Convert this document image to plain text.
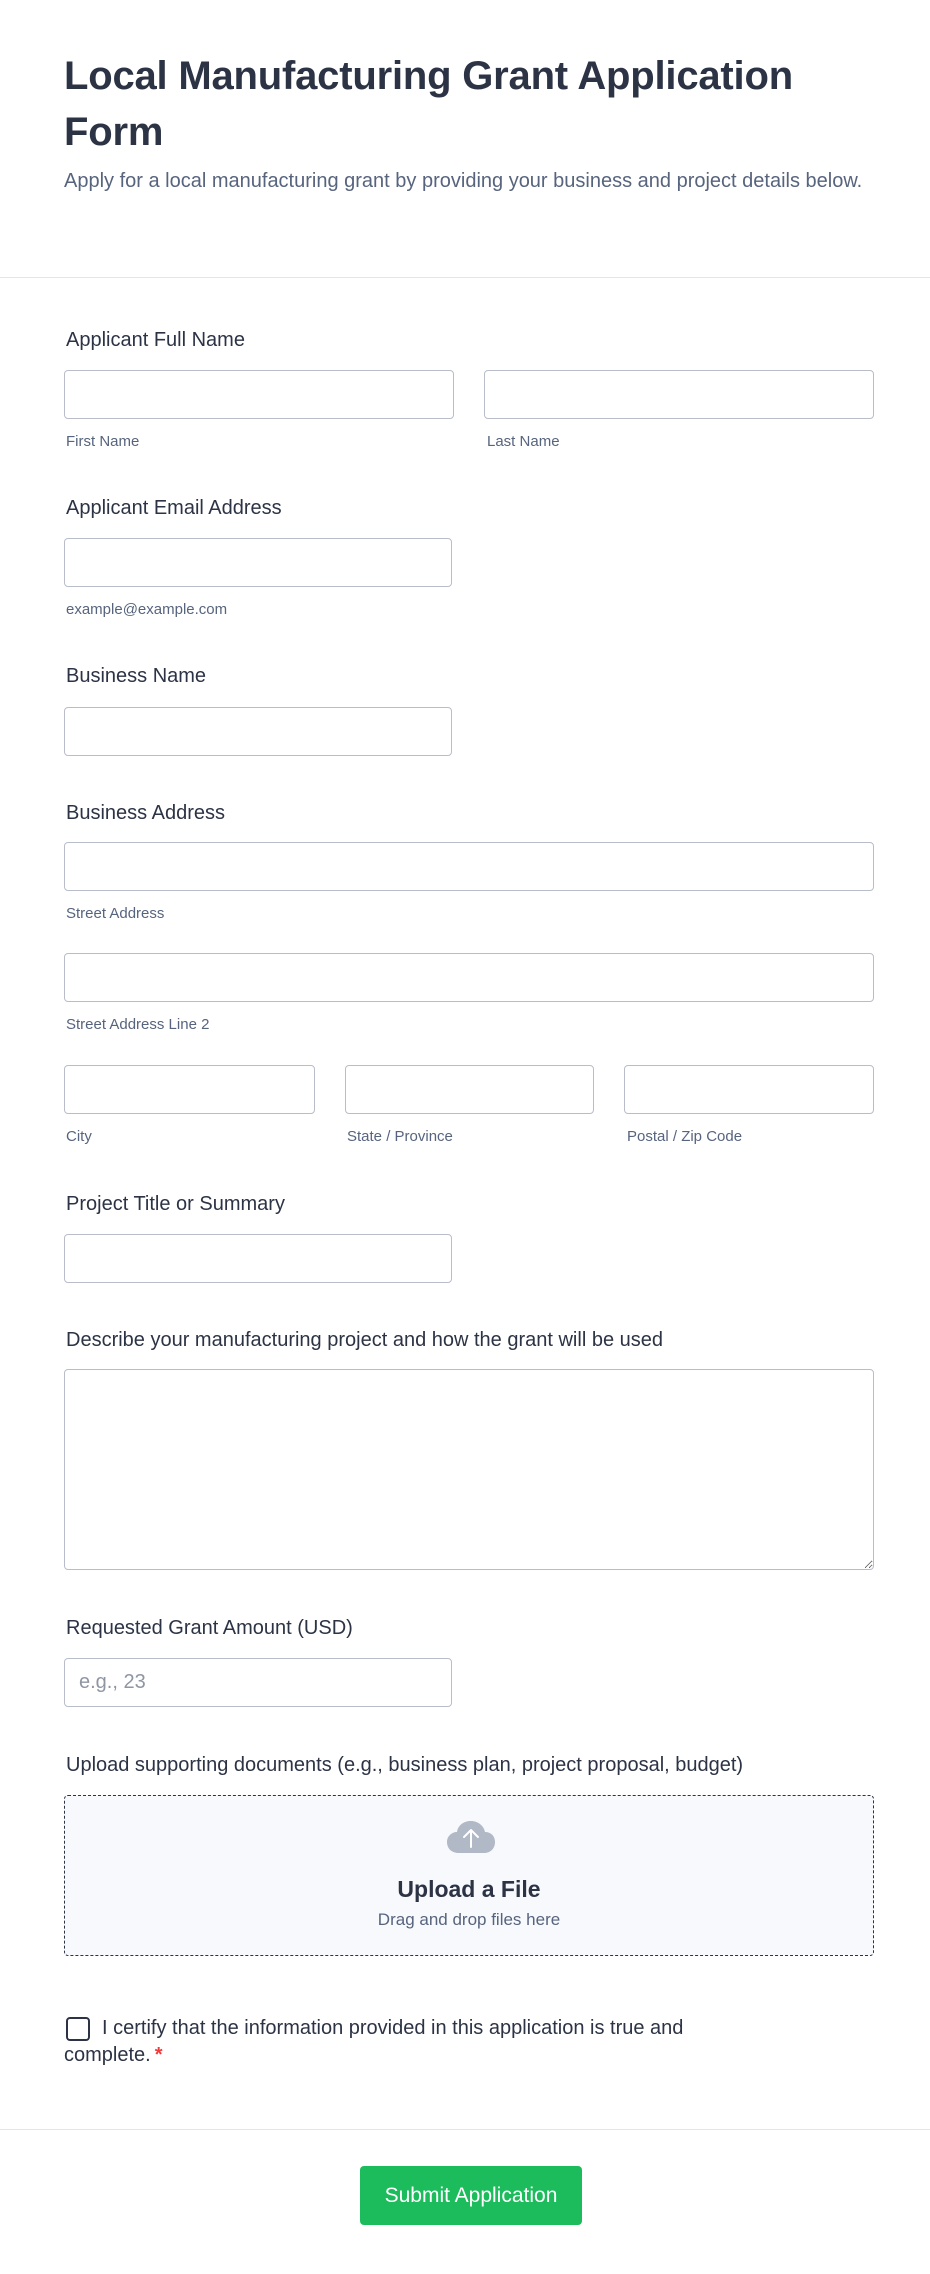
Local Manufacturing Grant Application Form

Apply for a local manufacturing grant by providing your business and project details below.

Applicant Full Name
First Name	Last Name
Applicant Email Address
example@example.com
Business Name
Business Address
Street Address
Street Address Line 2
City	State / Province	Postal / Zip Code
Project Title or Summary
Describe your manufacturing project and how the grant will be used
Requested Grant Amount (USD)
e.g., 23
Upload supporting documents (e.g., business plan, project proposal, budget)
Upload a File
Drag and drop files here
I certify that the information provided in this application is true and complete. *
Submit Application
